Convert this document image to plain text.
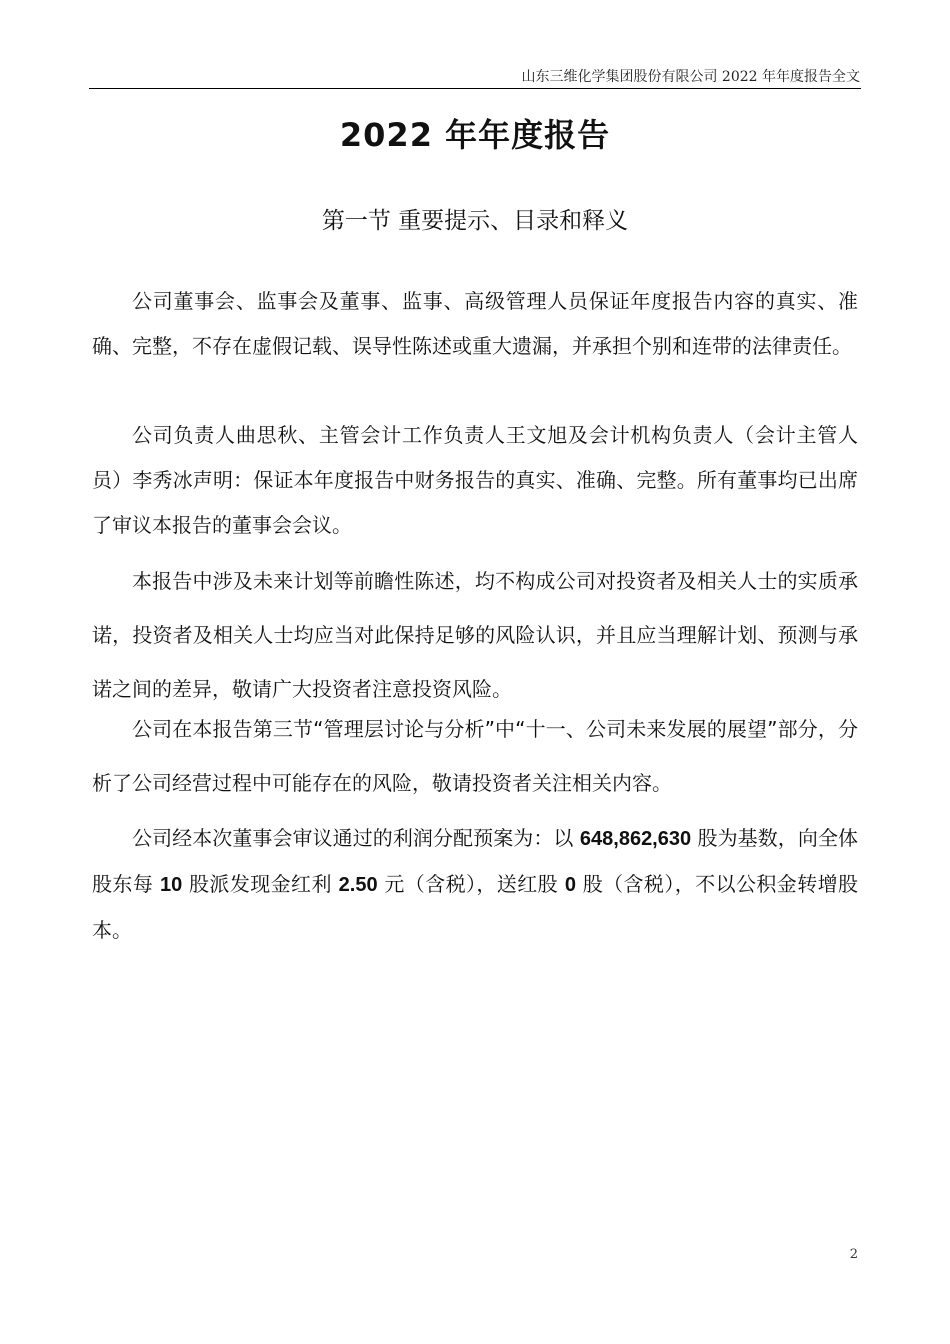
山东三维化学集团股份有限公司 2022 年年度报告全文
2022 年年度报告
第一节 重要提示、目录和释义

公司董事会、监事会及董事、监事、高级管理人员保证年度报告内容的真实、准确、完整，不存在虚假记载、误导性陈述或重大遗漏，并承担个别和连带的法律责任。

公司负责人曲思秋、主管会计工作负责人王文旭及会计机构负责人（会计主管人员）李秀冰声明：保证本年度报告中财务报告的真实、准确、完整。所有董事均已出席了审议本报告的董事会会议。

本报告中涉及未来计划等前瞻性陈述，均不构成公司对投资者及相关人士的实质承诺，投资者及相关人士均应当对此保持足够的风险认识，并且应当理解计划、预测与承诺之间的差异，敬请广大投资者注意投资风险。

公司在本报告第三节“管理层讨论与分析”中“十一、公司未来发展的展望”部分，分析了公司经营过程中可能存在的风险，敬请投资者关注相关内容。

公司经本次董事会审议通过的利润分配预案为：以 648,862,630 股为基数，向全体股东每 10 股派发现金红利 2.50 元（含税），送红股 0 股（含税），不以公积金转增股本。

2
